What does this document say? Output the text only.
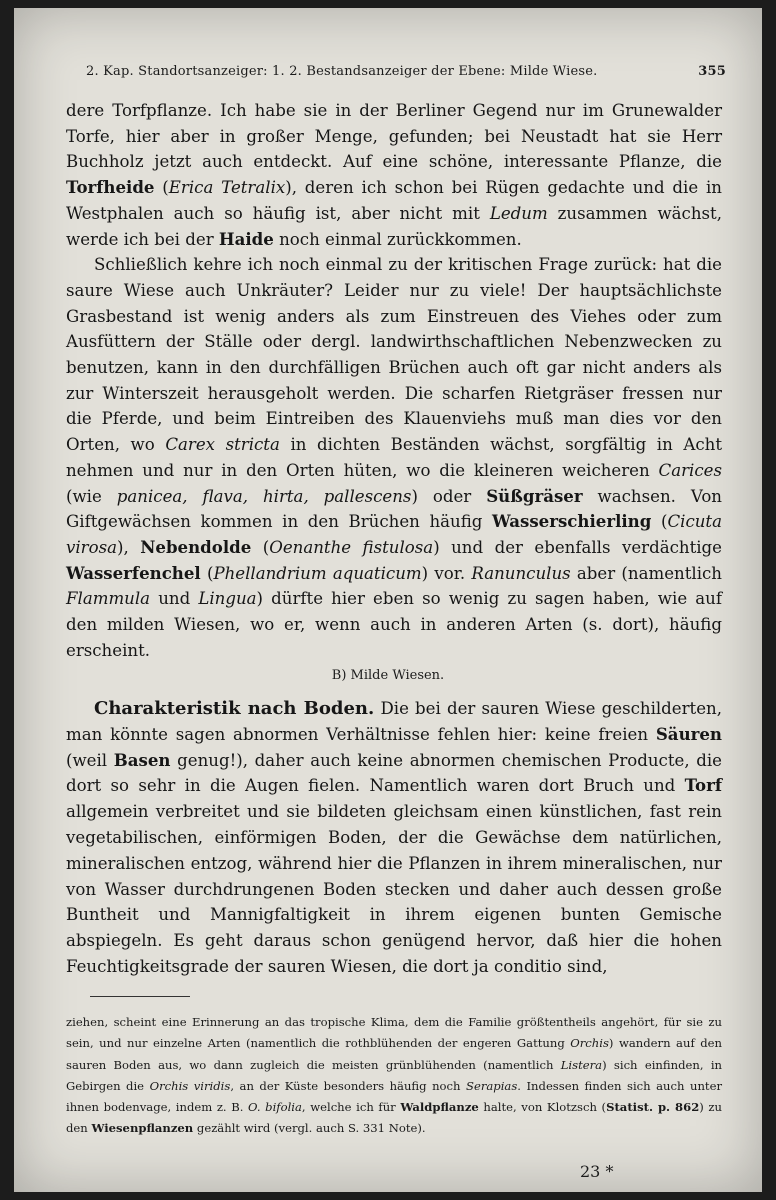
2. Kap. Standortsanzeiger: 1. 2. Bestandsanzeiger der Ebene: Milde Wiese.	355

dere Torfpflanze. Ich habe sie in der Berliner Gegend nur im Grunewalder Torfe, hier aber in großer Menge, gefunden; bei Neustadt hat sie Herr Buchholz jetzt auch entdeckt. Auf eine schöne, interessante Pflanze, die Torfheide (Erica Tetralix), deren ich schon bei Rügen gedachte und die in Westphalen auch so häufig ist, aber nicht mit Ledum zusammen wächst, werde ich bei der Haide noch einmal zurückkommen.

Schließlich kehre ich noch einmal zu der kritischen Frage zurück: hat die saure Wiese auch Unkräuter? Leider nur zu viele! Der hauptsächlichste Grasbestand ist wenig anders als zum Einstreuen des Viehes oder zum Ausfüttern der Ställe oder dergl. landwirthschaftlichen Nebenzwecken zu benutzen, kann in den durchfälligen Brüchen auch oft gar nicht anders als zur Winterszeit herausgeholt werden. Die scharfen Rietgräser fressen nur die Pferde, und beim Eintreiben des Klauenviehs muß man dies vor den Orten, wo Carex stricta in dichten Beständen wächst, sorgfältig in Acht nehmen und nur in den Orten hüten, wo die kleineren weicheren Carices (wie panicea, flava, hirta, pallescens) oder Süßgräser wachsen. Von Giftgewächsen kommen in den Brüchen häufig Wasserschierling (Cicuta virosa), Nebendolde (Oenanthe fistulosa) und der ebenfalls verdächtige Wasserfenchel (Phellandrium aquaticum) vor. Ranunculus aber (namentlich Flammula und Lingua) dürfte hier eben so wenig zu sagen haben, wie auf den milden Wiesen, wo er, wenn auch in anderen Arten (s. dort), häufig erscheint.

B) Milde Wiesen.

Charakteristik nach Boden. Die bei der sauren Wiese geschilderten, man könnte sagen abnormen Verhältnisse fehlen hier: keine freien Säuren (weil Basen genug!), daher auch keine abnormen chemischen Producte, die dort so sehr in die Augen fielen. Namentlich waren dort Bruch und Torf allgemein verbreitet und sie bildeten gleichsam einen künstlichen, fast rein vegetabilischen, einförmigen Boden, der die Gewächse dem natürlichen, mineralischen entzog, während hier die Pflanzen in ihrem mineralischen, nur von Wasser durchdrungenen Boden stecken und daher auch dessen große Buntheit und Mannigfaltigkeit in ihrem eigenen bunten Gemische abspiegeln. Es geht daraus schon genügend hervor, daß hier die hohen Feuchtigkeitsgrade der sauren Wiesen, die dort ja conditio sind,

ziehen, scheint eine Erinnerung an das tropische Klima, dem die Familie größtentheils angehört, für sie zu sein, und nur einzelne Arten (namentlich die rothblühenden der engeren Gattung Orchis) wandern auf den sauren Boden aus, wo dann zugleich die meisten grünblühenden (namentlich Listera) sich einfinden, in Gebirgen die Orchis viridis, an der Küste besonders häufig noch Serapias. Indessen finden sich auch unter ihnen bodenvage, indem z. B. O. bifolia, welche ich für Waldpflanze halte, von Klotzsch (Statist. p. 862) zu den Wiesenpflanzen gezählt wird (vergl. auch S. 331 Note).
23 *
